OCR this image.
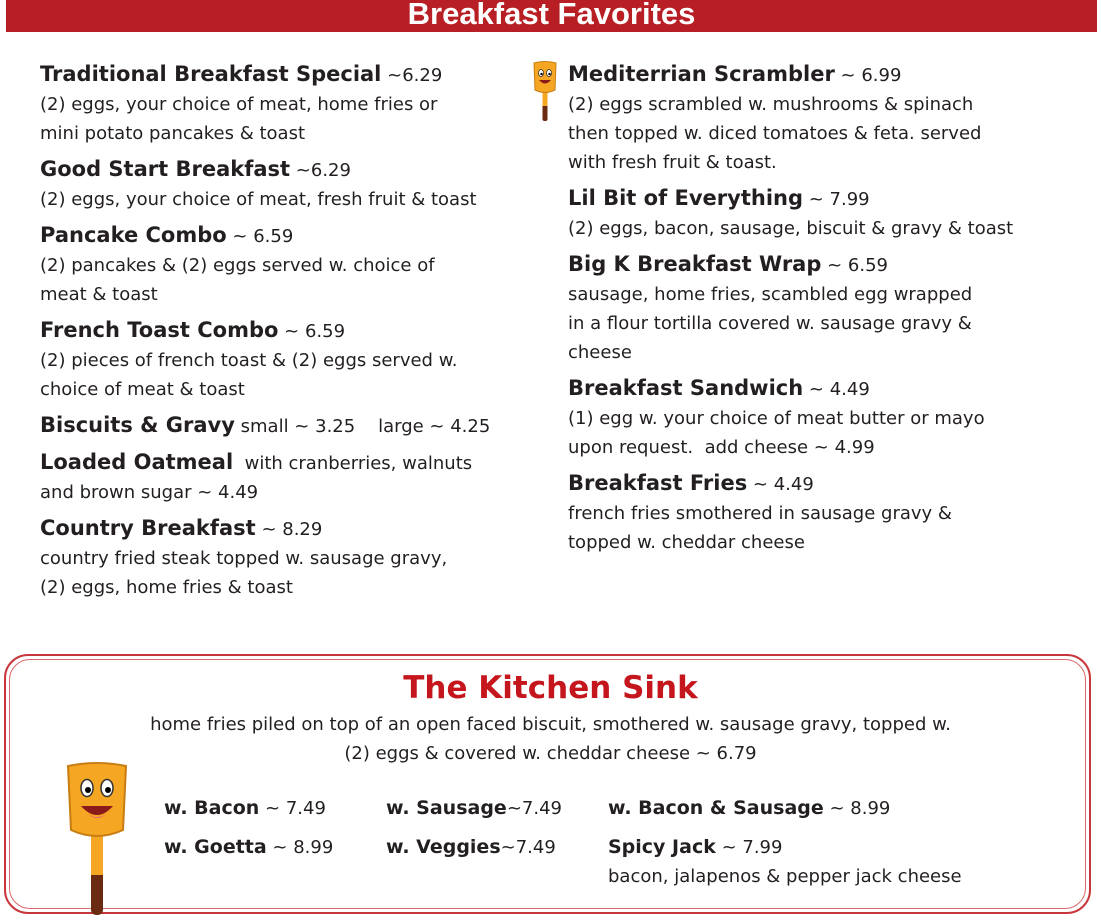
Breakfast Favorites
Traditional Breakfast Special ~6.29
(2) eggs, your choice of meat, home fries or
mini potato pancakes & toast
Good Start Breakfast ~6.29
(2) eggs, your choice of meat, fresh fruit & toast
Pancake Combo ~ 6.59
(2) pancakes & (2) eggs served w. choice of
meat & toast
French Toast Combo ~ 6.59
(2) pieces of french toast & (2) eggs served w.
choice of meat & toast
Biscuits & Gravy small ~ 3.25    large ~ 4.25
Loaded Oatmeal  with cranberries, walnuts
and brown sugar ~ 4.49
Country Breakfast ~ 8.29
country fried steak topped w. sausage gravy,
(2) eggs, home fries & toast
Mediterrian Scrambler ~ 6.99
(2) eggs scrambled w. mushrooms & spinach
then topped w. diced tomatoes & feta. served
with fresh fruit & toast.
Lil Bit of Everything ~ 7.99
(2) eggs, bacon, sausage, biscuit & gravy & toast
Big K Breakfast Wrap ~ 6.59
sausage, home fries, scambled egg wrapped
in a flour tortilla covered w. sausage gravy &
cheese
Breakfast Sandwich ~ 4.49
(1) egg w. your choice of meat butter or mayo
upon request.  add cheese ~ 4.99
Breakfast Fries ~ 4.49
french fries smothered in sausage gravy &
topped w. cheddar cheese
The Kitchen Sink
home fries piled on top of an open faced biscuit, smothered w. sausage gravy, topped w.
(2) eggs & covered w. cheddar cheese ~ 6.79
w. Bacon ~ 7.49	w. Sausage~7.49 w. Bacon & Sausage ~ 8.99
w. Goetta ~ 8.99	w. Veggies~7.49	Spicy Jack ~ 7.99
bacon, jalapenos & pepper jack cheese
